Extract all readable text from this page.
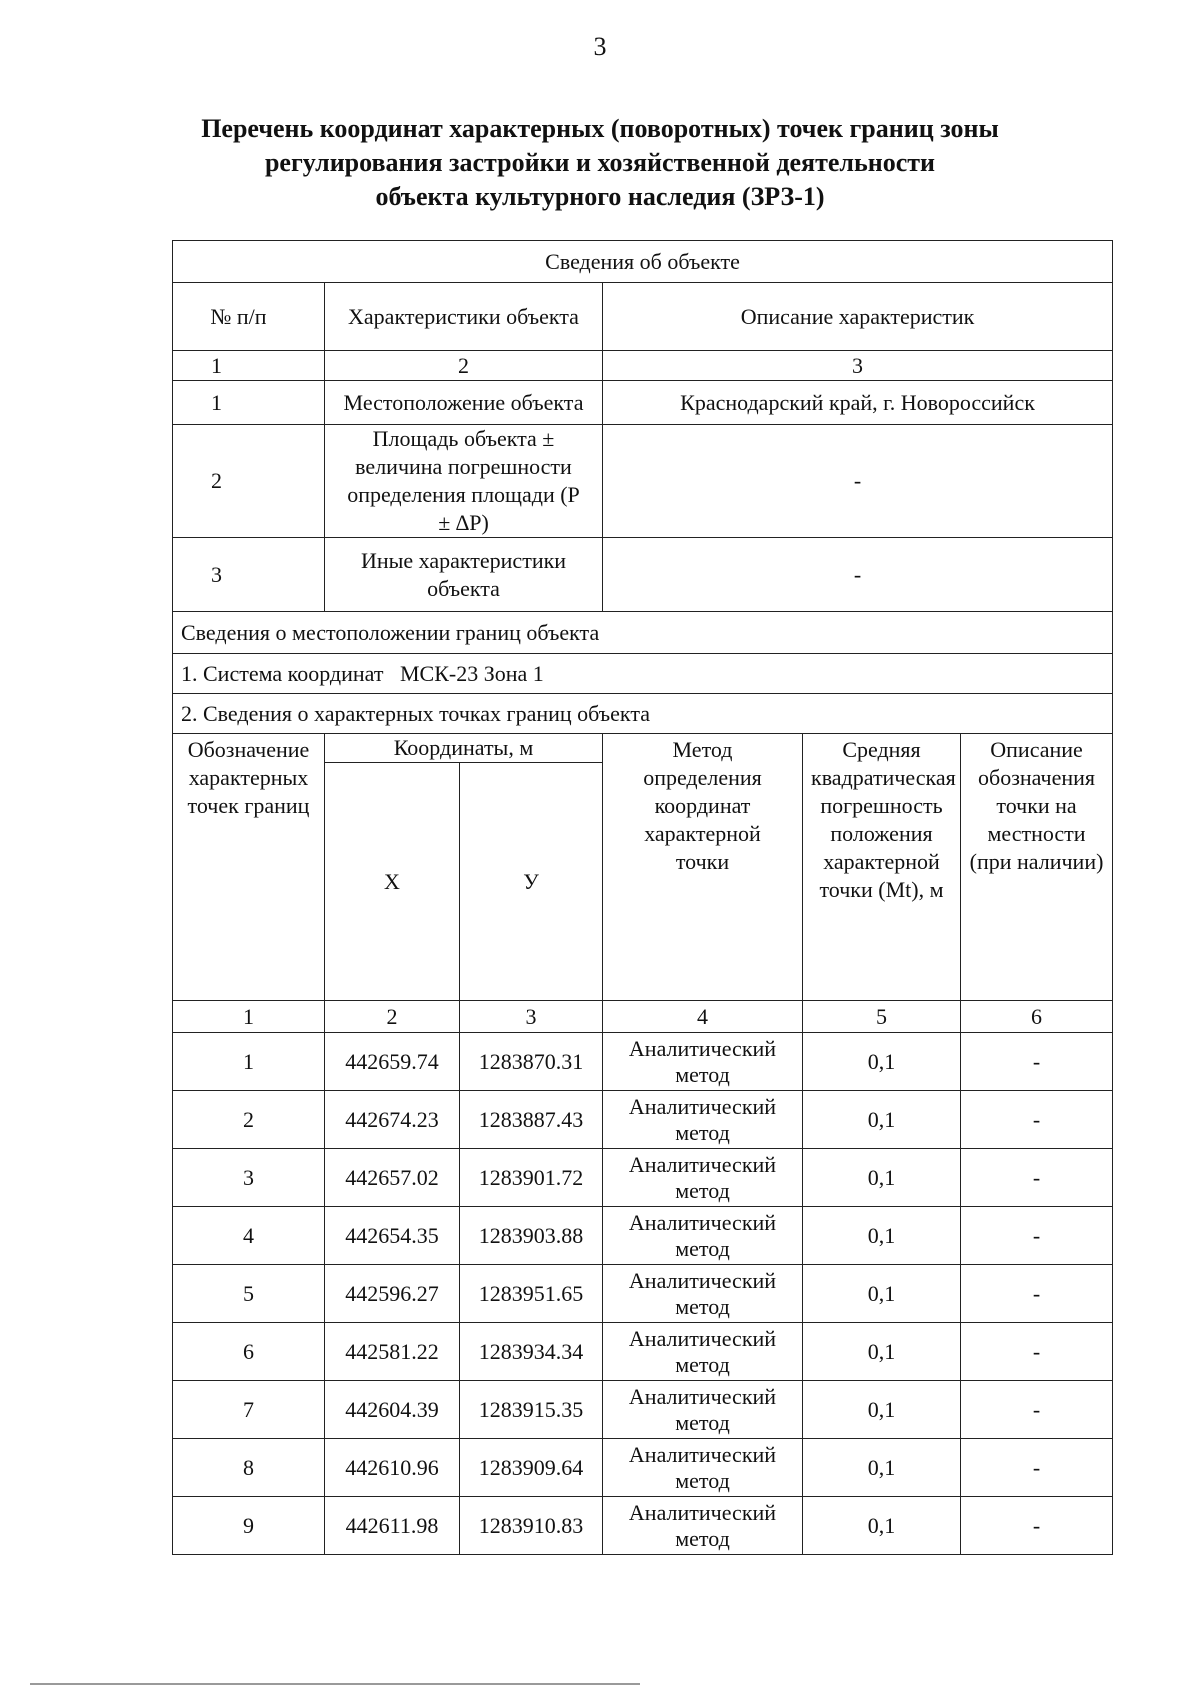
3
Перечень координат характерных (поворотных) точек границ зоны
регулирования застройки и хозяйственной деятельности
объекта культурного наследия (ЗРЗ-1)
Сведения об объекте					
№ п/п	Характеристики объекта		Описание характеристик		
1	2		3		
1	Местоположение объекта		Краснодарский край, г. Новороссийск		
2	Площадь объекта ± величина погрешности определения площади (Р ± ∆Р)		-		
3	Иные характеристики объекта		-		
Сведения о местоположении границ объекта					
1. Система координат   МСК-23 Зона 1					
2. Сведения о характерных точках границ объекта					
Обозначение характерных точек границ	Координаты, м		Метод определения координат характерной точки	Средняя квадратическая погрешность положения характерной точки (Mt), м	Описание обозначения точки на местности (при наличии)
	X	У			
1	2	3	4	5	6
1	442659.74	1283870.31	Аналитический метод	0,1	-
2	442674.23	1283887.43	Аналитический метод	0,1	-
3	442657.02	1283901.72	Аналитический метод	0,1	-
4	442654.35	1283903.88	Аналитический метод	0,1	-
5	442596.27	1283951.65	Аналитический метод	0,1	-
6	442581.22	1283934.34	Аналитический метод	0,1	-
7	442604.39	1283915.35	Аналитический метод	0,1	-
8	442610.96	1283909.64	Аналитический метод	0,1	-
9	442611.98	1283910.83	Аналитический метод	0,1	-
